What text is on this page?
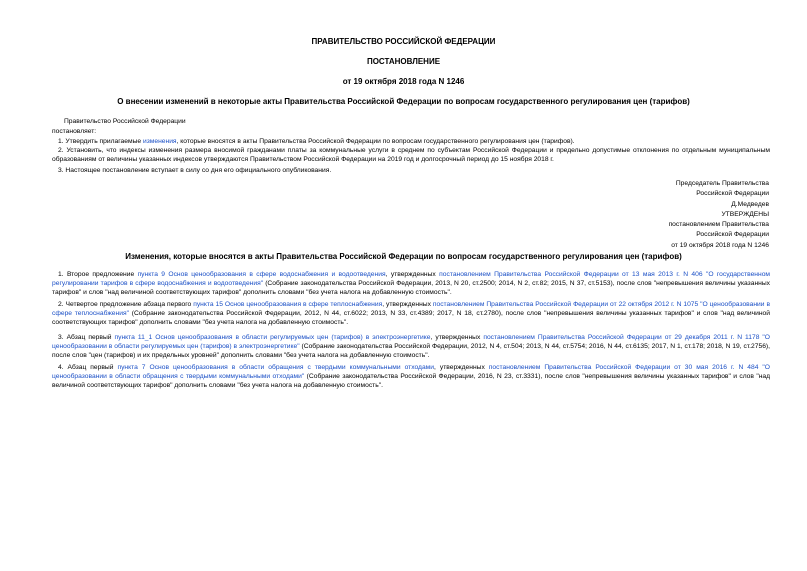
ПРАВИТЕЛЬСТВО РОССИЙСКОЙ ФЕДЕРАЦИИ
ПОСТАНОВЛЕНИЕ
от 19 октября 2018 года N 1246
О внесении изменений в некоторые акты Правительства Российской Федерации по вопросам государственного регулирования цен (тарифов)
Правительство Российской Федерации
постановляет:
1. Утвердить прилагаемые изменения, которые вносятся в акты Правительства Российской Федерации по вопросам государственного регулирования цен (тарифов).
2. Установить, что индексы изменения размера вносимой гражданами платы за коммунальные услуги в среднем по субъектам Российской Федерации и предельно допустимые отклонения по отдельным муниципальным образованиям от величины указанных индексов утверждаются Правительством Российской Федерации на 2019 год и долгосрочный период до 15 ноября 2018 г.
3. Настоящее постановление вступает в силу со дня его официального опубликования.
Председатель Правительства
Российской Федерации
Д.Медведев
УТВЕРЖДЕНЫ
постановлением Правительства
Российской Федерации
от 19 октября 2018 года N 1246
Изменения, которые вносятся в акты Правительства Российской Федерации по вопросам государственного регулирования цен (тарифов)
1. Второе предложение пункта 9 Основ ценообразования в сфере водоснабжения и водоотведения, утвержденных постановлением Правительства Российской Федерации от 13 мая 2013 г. N 406 "О государственном регулировании тарифов в сфере водоснабжения и водоотведения" (Собрание законодательства Российской Федерации, 2013, N 20, ст.2500; 2014, N 2, ст.82; 2015, N 37, ст.5153), после слов "непревышения величины указанных тарифов" и слов "над величиной соответствующих тарифов" дополнить словами "без учета налога на добавленную стоимость".
2. Четвертое предложение абзаца первого пункта 15 Основ ценообразования в сфере теплоснабжения, утвержденных постановлением Правительства Российской Федерации от 22 октября 2012 г. N 1075 "О ценообразовании в сфере теплоснабжения" (Собрание законодательства Российской Федерации, 2012, N 44, ст.6022; 2013, N 33, ст.4389; 2017, N 18, ст.2780), после слов "непревышения величины указанных тарифов" и слов "над величиной соответствующих тарифов" дополнить словами "без учета налога на добавленную стоимость".
3. Абзац первый пункта 11_1 Основ ценообразования в области регулируемых цен (тарифов) в электроэнергетике, утвержденных постановлением Правительства Российской Федерации от 29 декабря 2011 г. N 1178 "О ценообразовании в области регулируемых цен (тарифов) в электроэнергетике" (Собрание законодательства Российской Федерации, 2012, N 4, ст.504; 2013, N 44, ст.5754; 2016, N 44, ст.6135; 2017, N 1, ст.178; 2018, N 19, ст.2756), после слов "цен (тарифов) и их предельных уровней" дополнить словами "без учета налога на добавленную стоимость".
4. Абзац первый пункта 7 Основ ценообразования в области обращения с твердыми коммунальными отходами, утвержденных постановлением Правительства Российской Федерации от 30 мая 2016 г. N 484 "О ценообразовании в области обращения с твердыми коммунальными отходами" (Собрание законодательства Российской Федерации, 2016, N 23, ст.3331), после слов "непревышения величины указанных тарифов" и слов "над величиной соответствующих тарифов" дополнить словами "без учета налога на добавленную стоимость".
